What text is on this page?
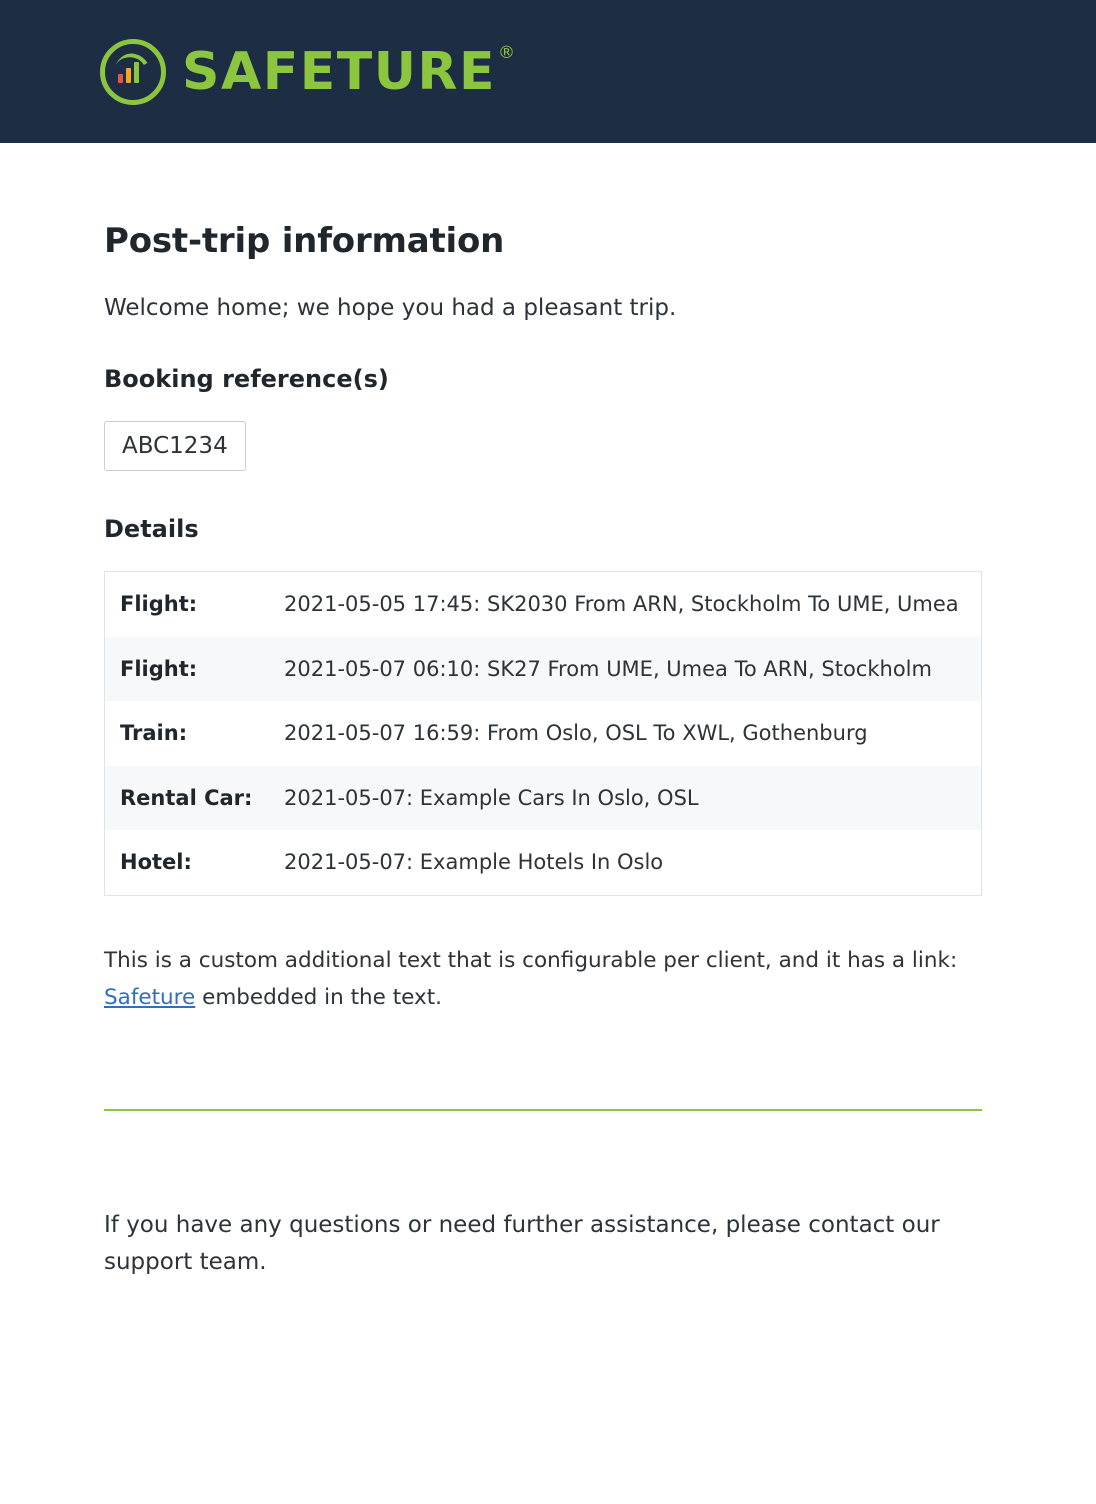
SAFETURE ®
Post-trip information

Welcome home; we hope you had a pleasant trip.

Booking reference(s)
ABC1234
Details
Flight:	2021-05-05 17:45: SK2030 From ARN, Stockholm To UME, Umea
Flight:	2021-05-07 06:10: SK27 From UME, Umea To ARN, Stockholm
Train:	2021-05-07 16:59: From Oslo, OSL To XWL, Gothenburg
Rental Car:	2021-05-07: Example Cars In Oslo, OSL
Hotel:	2021-05-07: Example Hotels In Oslo

This is a custom additional text that is configurable per client, and it has a link: Safeture embedded in the text.

If you have any questions or need further assistance, please contact our support team.
